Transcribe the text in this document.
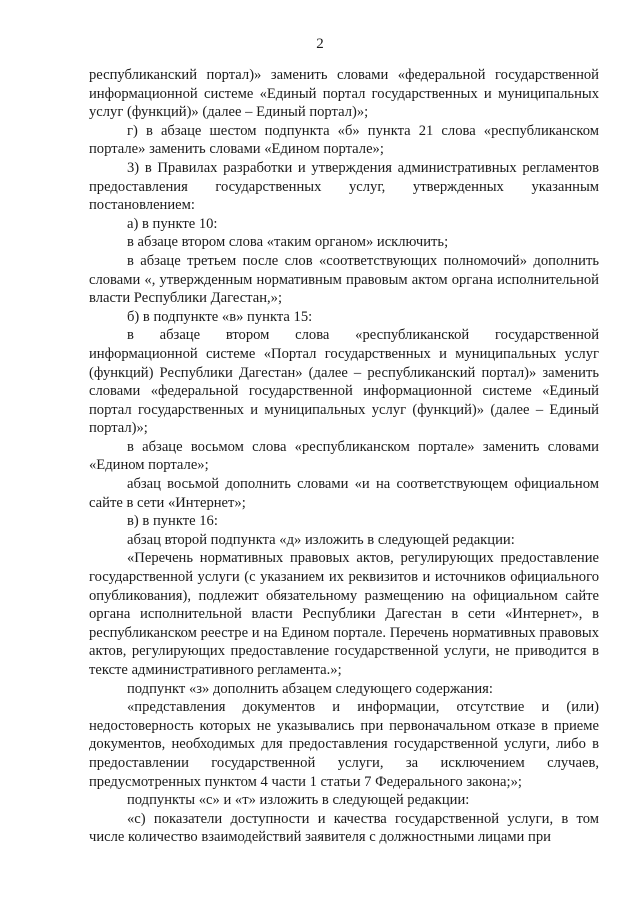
2

республиканский портал)» заменить словами «федеральной государственной информационной системе «Единый портал государственных и муниципальных услуг (функций)» (далее – Единый портал)»;

г) в абзаце шестом подпункта «б» пункта 21 слова «республиканском портале» заменить словами «Едином портале»;

3) в Правилах разработки и утверждения административных регламентов предоставления государственных услуг, утвержденных указанным постановлением:

а) в пункте 10:

в абзаце втором слова «таким органом» исключить;

в абзаце третьем после слов «соответствующих полномочий» дополнить словами «, утвержденным нормативным правовым актом органа исполнительной власти Республики Дагестан,»;

б) в подпункте «в» пункта 15:

в абзаце втором слова «республиканской государственной информационной системе «Портал государственных и муниципальных услуг (функций) Республики Дагестан» (далее – республиканский портал)» заменить словами «федеральной государственной информационной системе «Единый портал государственных и муниципальных услуг (функций)» (далее – Единый портал)»;

в абзаце восьмом слова «республиканском портале» заменить словами «Едином портале»;

абзац восьмой дополнить словами «и на соответствующем официальном сайте в сети «Интернет»;

в) в пункте 16:

абзац второй подпункта «д» изложить в следующей редакции:

«Перечень нормативных правовых актов, регулирующих предоставление государственной услуги (с указанием их реквизитов и источников официального опубликования), подлежит обязательному размещению на официальном сайте органа исполнительной власти Республики Дагестан в сети «Интернет», в республиканском реестре и на Едином портале. Перечень нормативных правовых актов, регулирующих предоставление государственной услуги, не приводится в тексте административного регламента.»;

подпункт «з» дополнить абзацем следующего содержания:

«представления документов и информации, отсутствие и (или) недостоверность которых не указывались при первоначальном отказе в приеме документов, необходимых для предоставления государственной услуги, либо в предоставлении государственной услуги, за исключением случаев, предусмотренных пунктом 4 части 1 статьи 7 Федерального закона;»;

подпункты «с» и «т» изложить в следующей редакции:

«с) показатели доступности и качества государственной услуги, в том числе количество взаимодействий заявителя с должностными лицами при
